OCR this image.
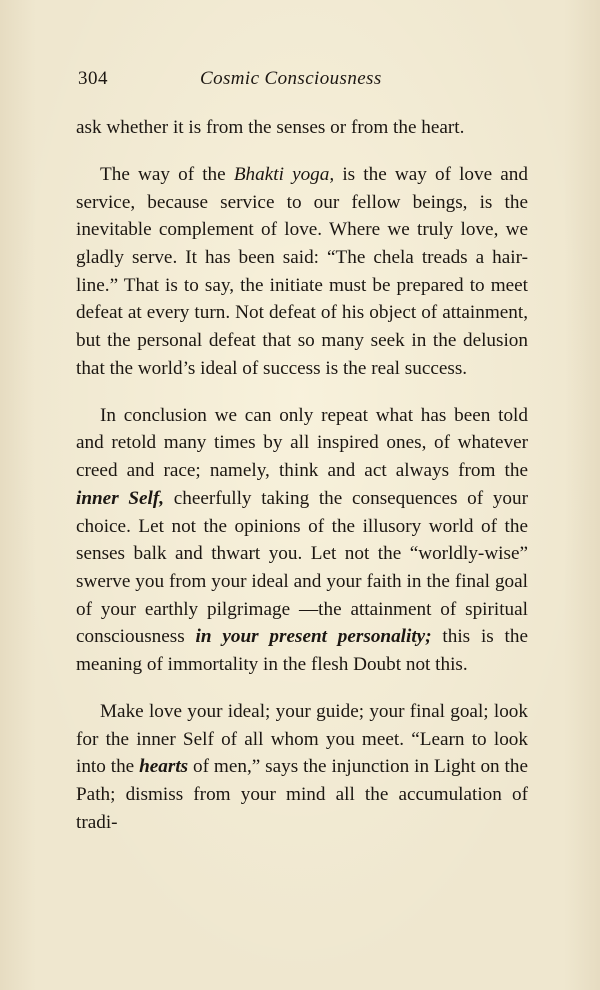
304	Cosmic Consciousness

ask whether it is from the senses or from the heart.

The way of the Bhakti yoga, is the way of love and service, because service to our fellow beings, is the inevitable complement of love. Where we truly love, we gladly serve. It has been said: “The chela treads a hair-line.” That is to say, the initiate must be prepared to meet defeat at every turn. Not defeat of his object of attainment, but the personal defeat that so many seek in the delusion that the world’s ideal of success is the real success.

In conclusion we can only repeat what has been told and retold many times by all inspired ones, of whatever creed and race; namely, think and act always from the inner Self, cheerfully taking the consequences of your choice. Let not the opinions of the illusory world of the senses balk and thwart you. Let not the “worldly-wise” swerve you from your ideal and your faith in the final goal of your earthly pilgrimage —the attainment of spiritual consciousness in your present personality; this is the meaning of immortality in the flesh Doubt not this.

Make love your ideal; your guide; your final goal; look for the inner Self of all whom you meet. “Learn to look into the hearts of men,” says the injunction in Light on the Path; dismiss from your mind all the accumulation of tradi-
